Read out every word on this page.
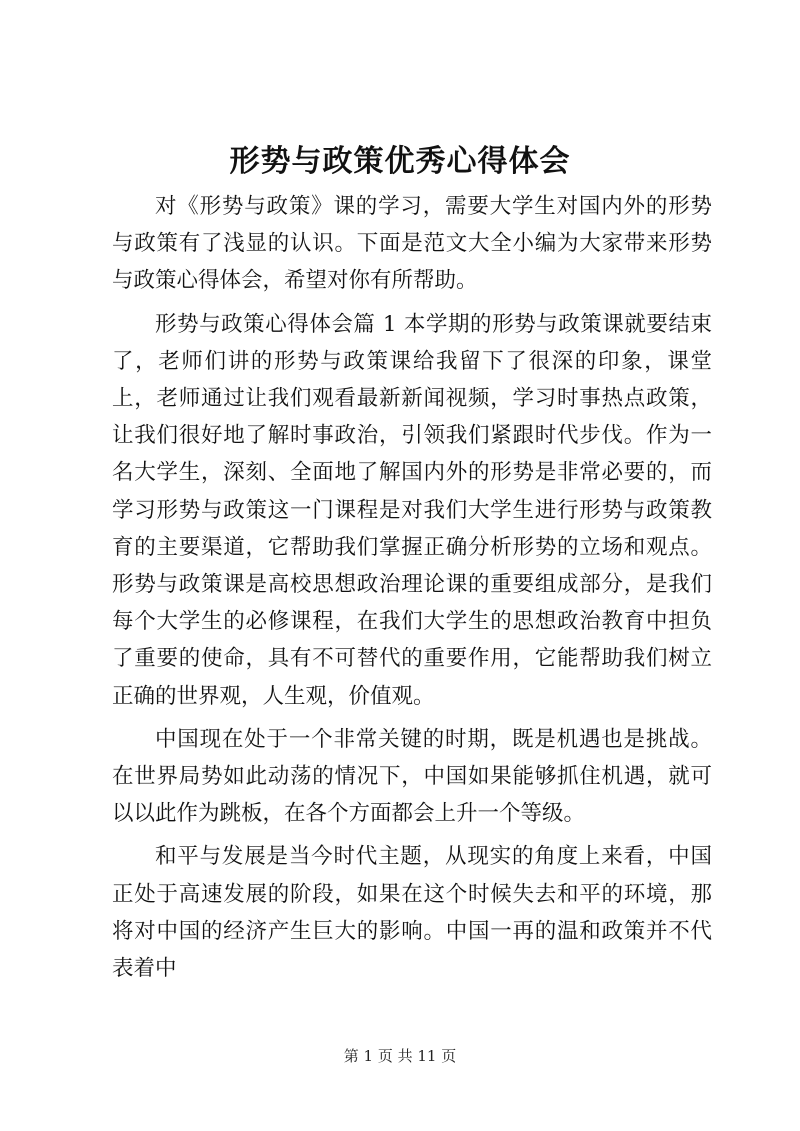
形势与政策优秀心得体会

对《形势与政策》课的学习，需要大学生对国内外的形势与政策有了浅显的认识。下面是范文大全小编为大家带来形势与政策心得体会，希望对你有所帮助。

形势与政策心得体会篇 1 本学期的形势与政策课就要结束了，老师们讲的形势与政策课给我留下了很深的印象，课堂上，老师通过让我们观看最新新闻视频，学习时事热点政策，让我们很好地了解时事政治，引领我们紧跟时代步伐。作为一名大学生，深刻、全面地了解国内外的形势是非常必要的，而学习形势与政策这一门课程是对我们大学生进行形势与政策教育的主要渠道，它帮助我们掌握正确分析形势的立场和观点。形势与政策课是高校思想政治理论课的重要组成部分，是我们每个大学生的必修课程，在我们大学生的思想政治教育中担负了重要的使命，具有不可替代的重要作用，它能帮助我们树立正确的世界观，人生观，价值观。

中国现在处于一个非常关键的时期，既是机遇也是挑战。在世界局势如此动荡的情况下，中国如果能够抓住机遇，就可以以此作为跳板，在各个方面都会上升一个等级。

和平与发展是当今时代主题，从现实的角度上来看，中国正处于高速发展的阶段，如果在这个时候失去和平的环境，那将对中国的经济产生巨大的影响。中国一再的温和政策并不代表着中

第 1 页 共 11 页
